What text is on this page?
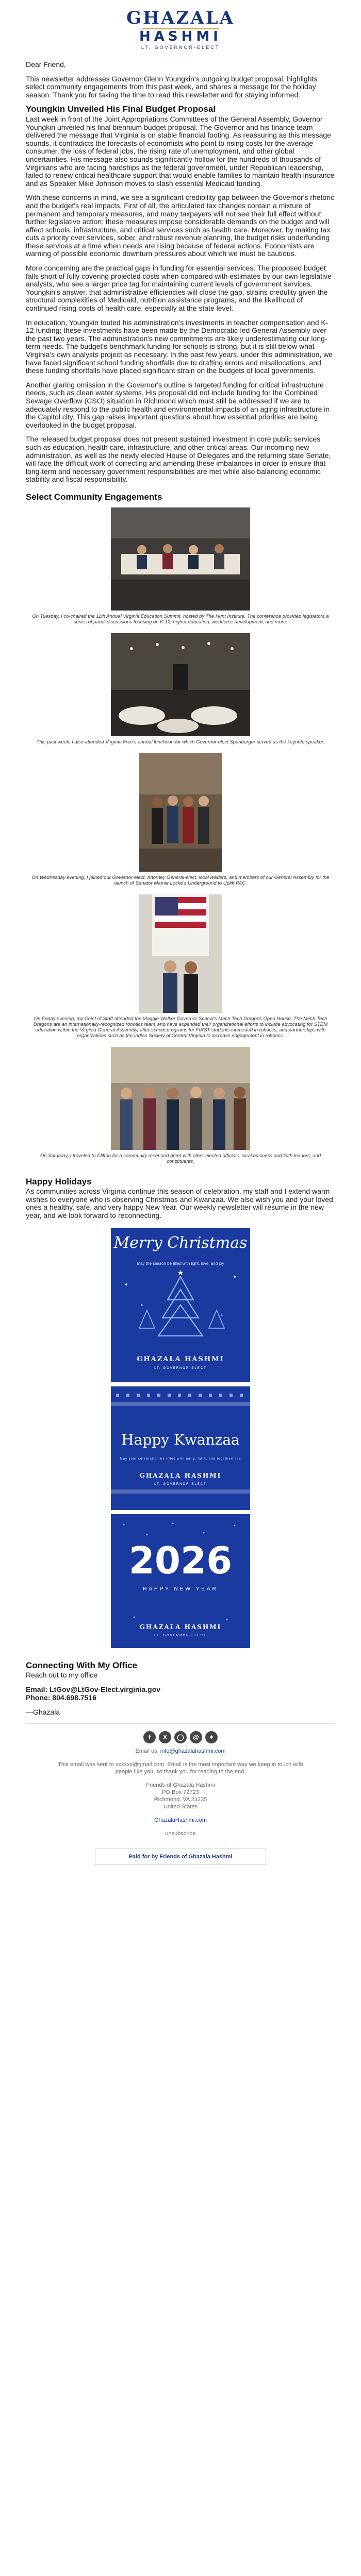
GHAZALA
HASHMI
LT. GOVERNOR-ELECT

Dear Friend,

This newsletter addresses Governor Glenn Youngkin's outgoing budget proposal, highlights select community engagements from this past week, and shares a message for the holiday season. Thank you for taking the time to read this newsletter and for staying informed.

Youngkin Unveiled His Final Budget Proposal

Last week in front of the Joint Appropriations Committees of the General Assembly, Governor Youngkin unveiled his final biennium budget proposal. The Governor and his finance team delivered the message that Virginia is on stable financial footing. As reassuring as this message sounds, it contradicts the forecasts of economists who point to rising costs for the average consumer, the loss of federal jobs, the rising rate of unemployment, and other global uncertainties. His message also sounds significantly hollow for the hundreds of thousands of Virginians who are facing hardships as the federal government, under Republican leadership, failed to renew critical healthcare support that would enable families to maintain health insurance and as Speaker Mike Johnson moves to slash essential Medicaid funding.

With these concerns in mind, we see a significant credibility gap between the Governor's rhetoric and the budget's real impacts. First of all, the articulated tax changes contain a mixture of permanent and temporary measures, and many taxpayers will not see their full effect without further legislative action; these measures impose considerable demands on the budget and will affect schools, infrastructure, and critical services such as health care. Moreover, by making tax cuts a priority over services, sober, and robust revenue planning, the budget risks underfunding these services at a time when needs are rising because of federal actions. Economists are warning of possible economic downturn pressures about which we must be cautious.

More concerning are the practical gaps in funding for essential services. The proposed budget falls short of fully covering projected costs when compared with estimates by our own legislative analysts, who see a larger price tag for maintaining current levels of government services. Youngkin's answer, that administrative efficiencies will close the gap, strains credulity given the structural complexities of Medicaid, nutrition assistance programs, and the likelihood of continued rising costs of health care, especially at the state level.

In education, Youngkin touted his administration's investments in teacher compensation and K-12 funding; these investments have been made by the Democratic-led General Assembly over the past two years. The administration's new commitments are likely underestimating our long-term needs. The budget's benchmark funding for schools is strong, but it is still below what Virginia's own analysts project as necessary. In the past few years, under this administration, we have faced significant school funding shortfalls due to drafting errors and misallocations, and these funding shortfalls have placed significant strain on the budgets of local governments.

Another glaring omission in the Governor's outline is targeted funding for critical infrastructure needs, such as clean water systems. His proposal did not include funding for the Combined Sewage Overflow (CSO) situation in Richmond which must still be addressed if we are to adequately respond to the public health and environmental impacts of an aging infrastructure in the Capitol city. This gap raises important questions about how essential priorities are being overlooked in the budget proposal.

The released budget proposal does not present sustained investment in core public services such as education, health care, infrastructure, and other critical areas. Our incoming new administration, as well as the newly elected House of Delegates and the returning state Senate, will face the difficult work of correcting and amending these imbalances in order to ensure that long-term and necessary government responsibilities are met while also balancing economic stability and fiscal responsibility.

Select Community Engagements
On Tuesday, I co-chaired the 11th Annual Virginia Education Summit, hosted by The Hunt Institute. The conference provided legislators a series of panel discussions focusing on K-12, higher education, workforce development, and more.
This past week, I also attended Virginia Free's annual luncheon for which Governor-elect Spanberger served as the keynote speaker.
On Wednesday evening, I joined our Governor-elect, Attorney General-elect, local leaders, and members of our General Assembly for the launch of Senator Mamie Locke's Underground to Uplift PAC.
On Friday evening, my Chief of Staff attended the Maggie Walker Governor School's Mech Tech Dragons Open House. The Mech Tech Dragons are an internationally-recognized robotics team who have expanded their organizational efforts to include advocating for STEM education within the Virginia General Assembly, after-school programs for FIRST students interested in robotics, and partnerships with organizations such as the Indian Society of Central Virginia to increase engagement in robotics.
On Saturday, I traveled to Clifton for a community meet and greet with other elected officials, local business and faith leaders, and constituents.
Happy Holidays

As communities across Virginia continue this season of celebration, my staff and I extend warm wishes to everyone who is observing Christmas and Kwanzaa. We also wish you and your loved ones a healthy, safe, and very happy New Year. Our weekly newsletter will resume in the new year, and we look forward to reconnecting.

★
Merry Christmas
May the season be filled with light, love, and joy
GHAZALA HASHMI
LT. GOVERNOR-ELECT
Happy Kwanzaa
May your celebration be filled with unity, faith, and togetherness
GHAZALA HASHMI
LT. GOVERNOR-ELECT
2026
HAPPY NEW YEAR
GHAZALA HASHMI
LT. GOVERNOR-ELECT
Connecting With My Office
Reach out to my office
Email: LtGov@LtGov-Elect.virginia.gov
Phone: 804.698.7516
—Ghazala
f	X	◯	@	✦
Email us: info@ghazalahashmi.com
This email was sent to xxxxxx@gmail.com. Email is the most important way we keep in touch with people like you, so thank you for reading to the end.
Friends of Ghazala Hashmi
PO Box 72723
Richmond, VA 23235
United States
GhazalaHashmi.com
unsubscribe
Paid for by Friends of Ghazala Hashmi
